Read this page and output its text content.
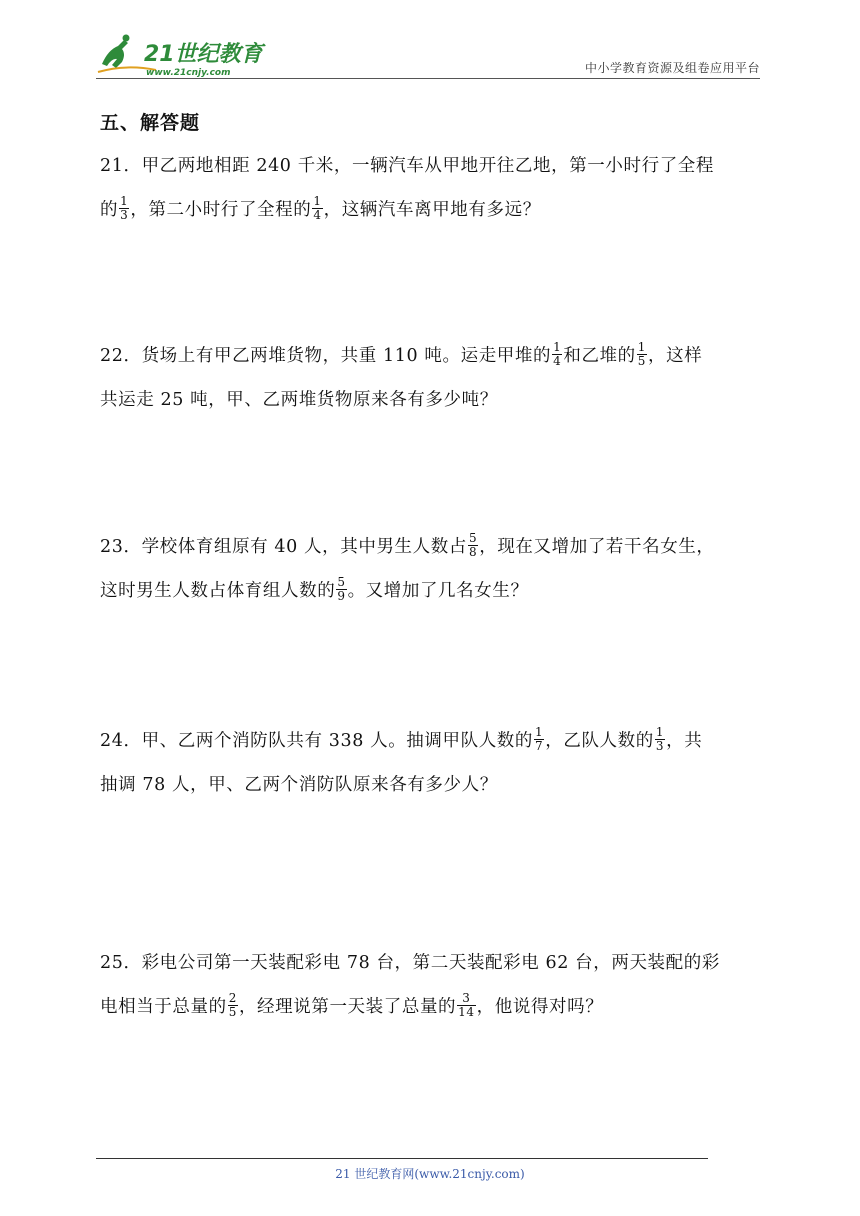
21世纪教育
www.21cnjy.com	中小学教育资源及组卷应用平台
五、解答题
21．甲乙两地相距 240 千米，一辆汽车从甲地开往乙地，第一小时行了全程
的 $\frac{1}{3}$ ，第二小时行了全程的 $\frac{1}{4}$ ，这辆汽车离甲地有多远？
22．货场上有甲乙两堆货物，共重 110 吨。运走甲堆的 $\frac{1}{4}$ 和乙堆的 $\frac{1}{5}$ ，这样
共运走 25 吨，甲、乙两堆货物原来各有多少吨？
23．学校体育组原有 40 人，其中男生人数占 $\frac{5}{8}$ ，现在又增加了若干名女生，
这时男生人数占体育组人数的 $\frac{5}{9}$ 。又增加了几名女生？
24．甲、乙两个消防队共有 338 人。抽调甲队人数的 $\frac{1}{7}$ ，乙队人数的 $\frac{1}{3}$ ，共
抽调 78 人，甲、乙两个消防队原来各有多少人？
25．彩电公司第一天装配彩电 78 台，第二天装配彩电 62 台，两天装配的彩
电相当于总量的 $\frac{2}{5}$ ，经理说第一天装了总量的 $\frac{3}{14}$ ，他说得对吗？
21 世纪教育网(www.21cnjy.com)
